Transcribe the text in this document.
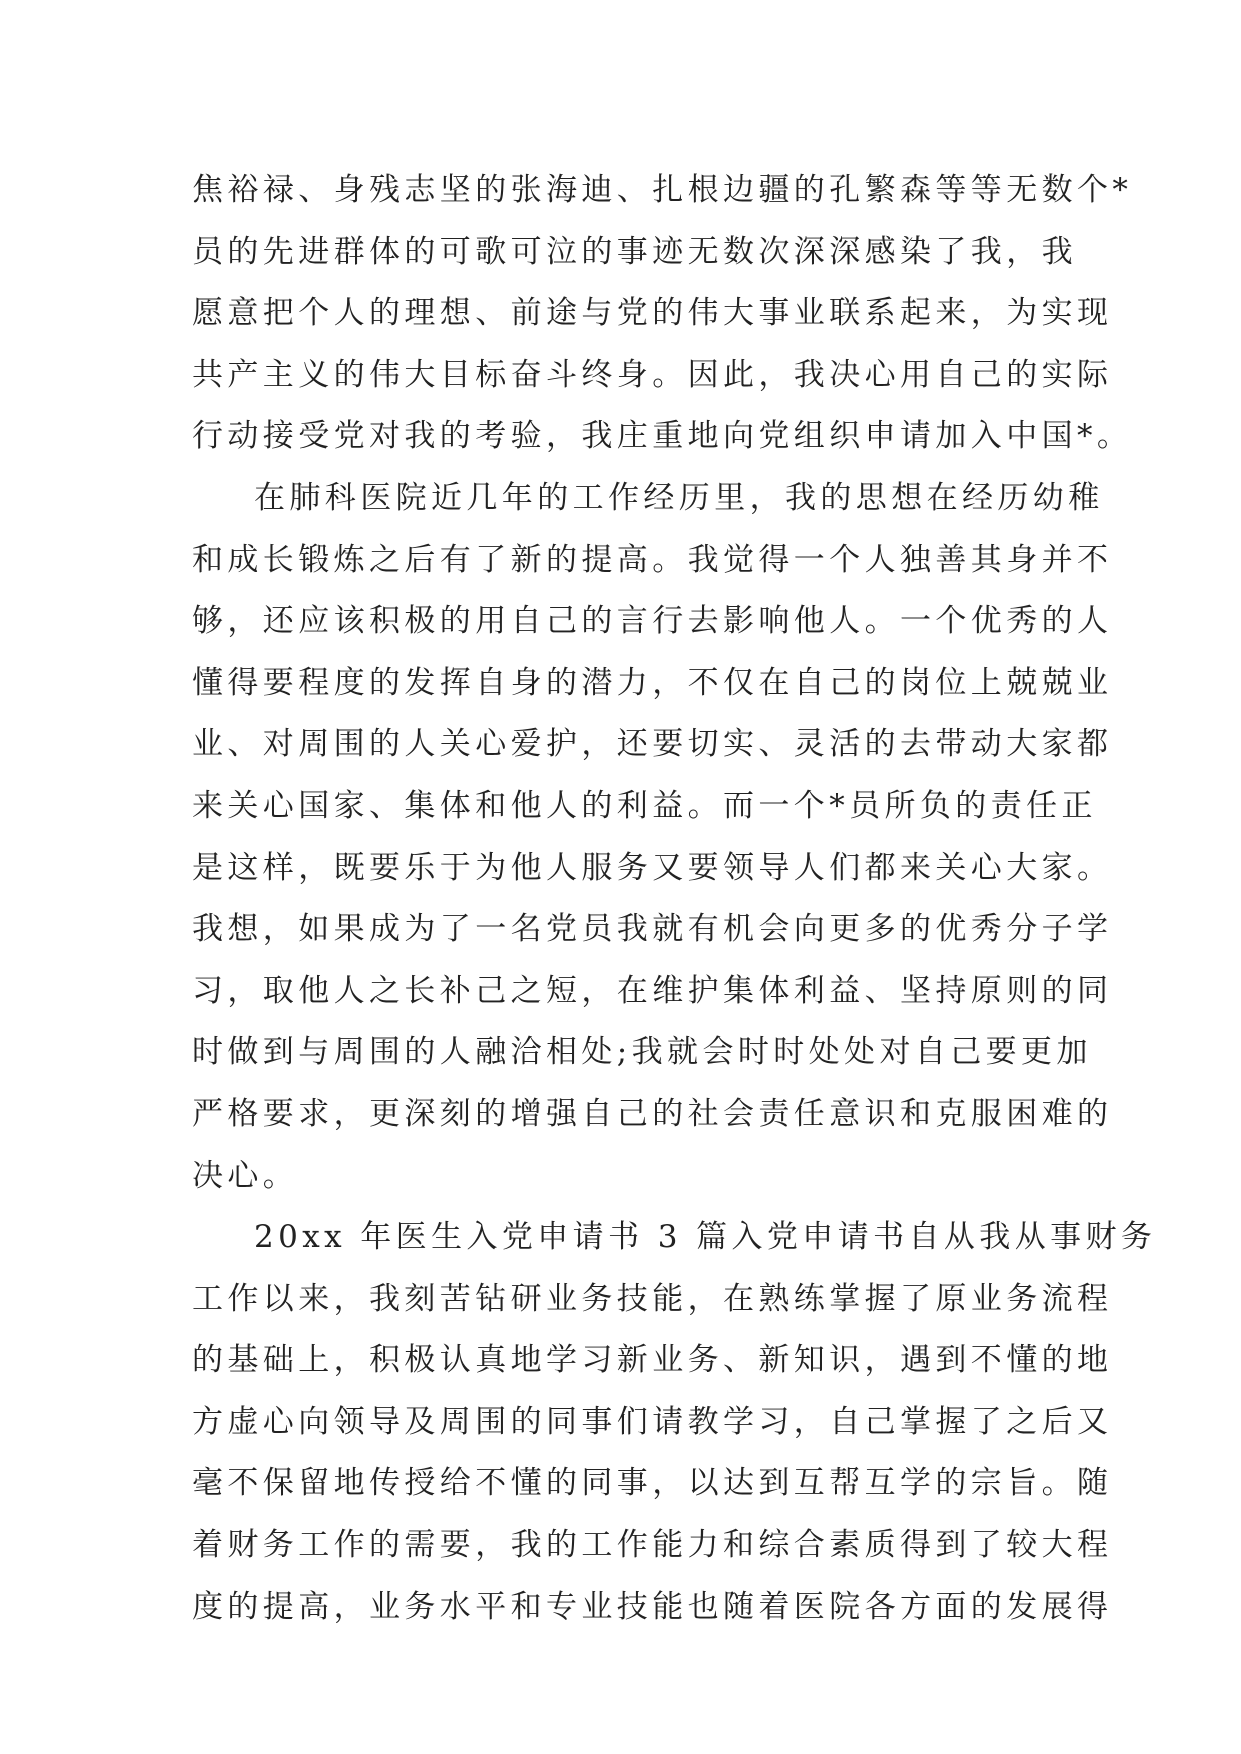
焦裕禄、身残志坚的张海迪、扎根边疆的孔繁森等等无数个*
员的先进群体的可歌可泣的事迹无数次深深感染了我，我
愿意把个人的理想、前途与党的伟大事业联系起来，为实现
共产主义的伟大目标奋斗终身。因此，我决心用自己的实际
行动接受党对我的考验，我庄重地向党组织申请加入中国*。
在肺科医院近几年的工作经历里，我的思想在经历幼稚
和成长锻炼之后有了新的提高。我觉得一个人独善其身并不
够，还应该积极的用自己的言行去影响他人。一个优秀的人
懂得要程度的发挥自身的潜力，不仅在自己的岗位上兢兢业
业、对周围的人关心爱护，还要切实、灵活的去带动大家都
来关心国家、集体和他人的利益。而一个*员所负的责任正
是这样，既要乐于为他人服务又要领导人们都来关心大家。
我想，如果成为了一名党员我就有机会向更多的优秀分子学
习，取他人之长补己之短，在维护集体利益、坚持原则的同
时做到与周围的人融洽相处;我就会时时处处对自己要更加
严格要求，更深刻的增强自己的社会责任意识和克服困难的
决心。
20xx 年医生入党申请书 3 篇入党申请书自从我从事财务
工作以来，我刻苦钻研业务技能，在熟练掌握了原业务流程
的基础上，积极认真地学习新业务、新知识，遇到不懂的地
方虚心向领导及周围的同事们请教学习，自己掌握了之后又
毫不保留地传授给不懂的同事，以达到互帮互学的宗旨。随
着财务工作的需要，我的工作能力和综合素质得到了较大程
度的提高，业务水平和专业技能也随着医院各方面的发展得
